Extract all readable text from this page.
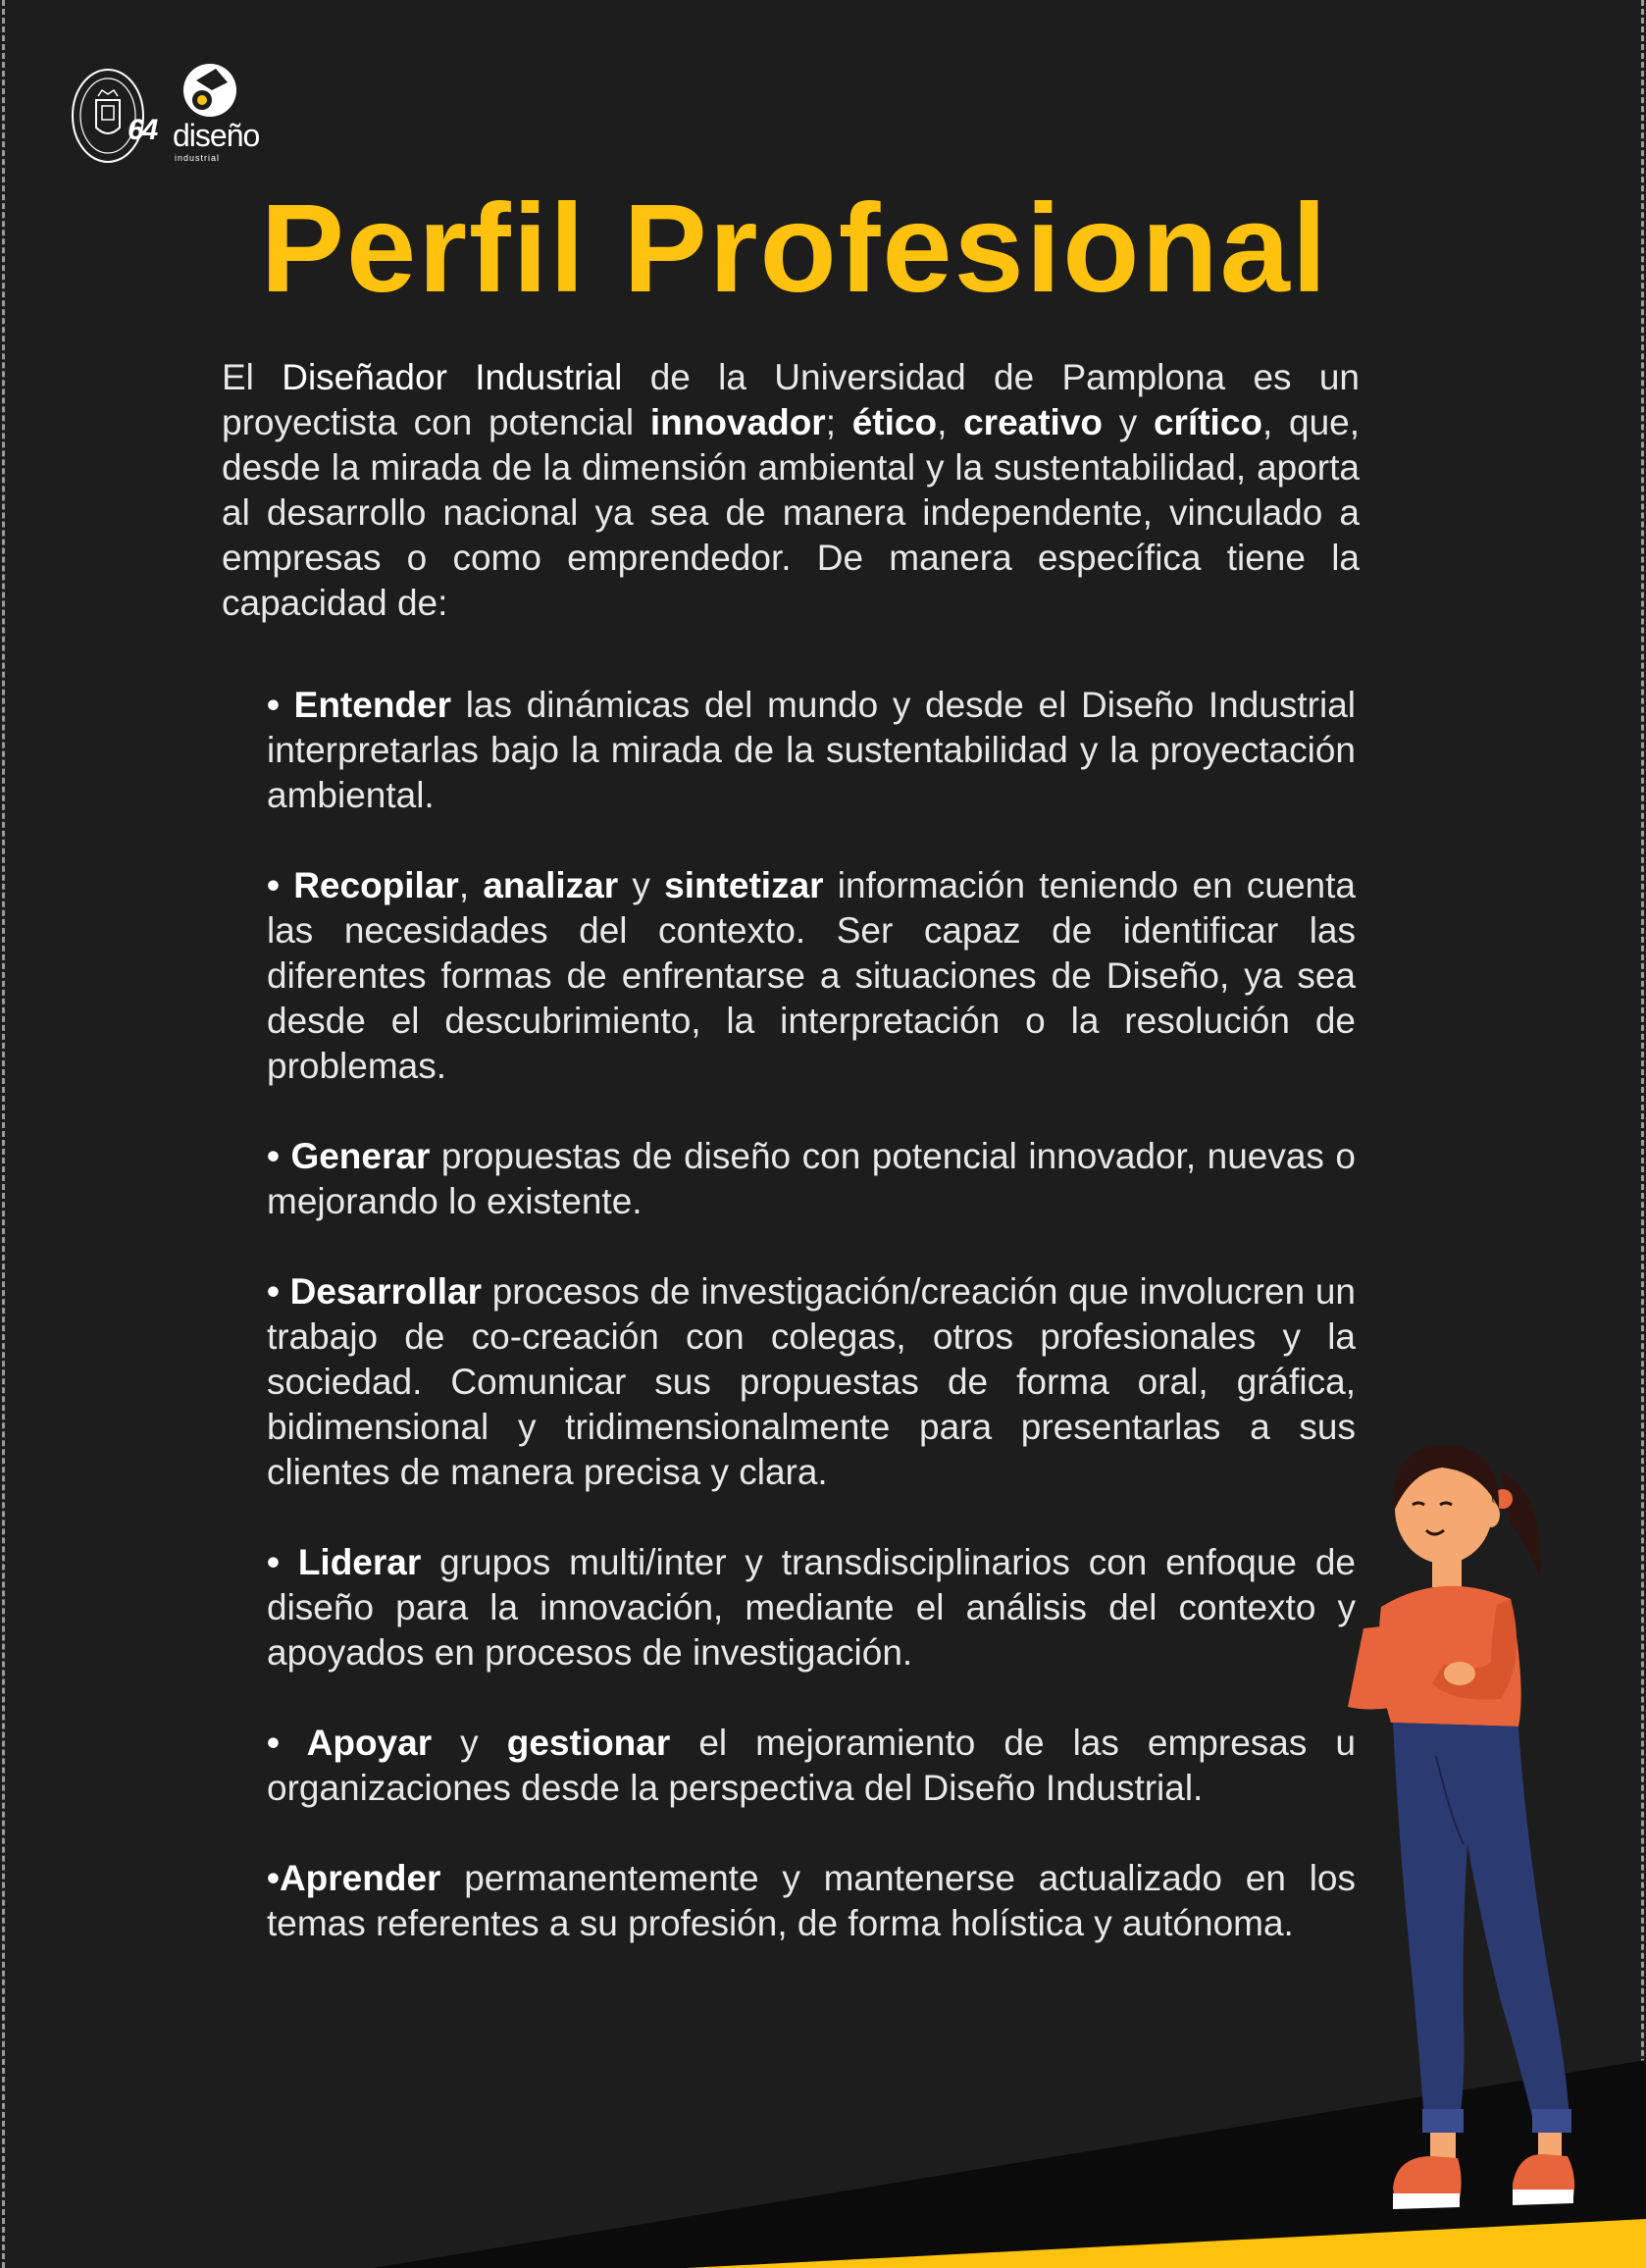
64 diseño
industrial
Perfil Profesional

El Diseñador Industrial de la Universidad de Pamplona es un proyectista con potencial innovador; ético, creativo y crítico, que, desde la mirada de la dimensión ambiental y la sustentabilidad, aporta al desarrollo nacional ya sea de manera independente, vinculado a empresas o como emprendedor. De manera específica tiene la capacidad de:

• Entender las dinámicas del mundo y desde el Diseño Industrial interpretarlas bajo la mirada de la sustentabilidad y la proyectación ambiental.
• Recopilar, analizar y sintetizar información teniendo en cuenta las necesidades del contexto. Ser capaz de identificar las diferentes formas de enfrentarse a situaciones de Diseño, ya sea desde el descubrimiento, la interpretación o la resolución de problemas.
• Generar propuestas de diseño con potencial innovador, nuevas o mejorando lo existente.
• Desarrollar procesos de investigación/creación que involucren un trabajo de co-creación con colegas, otros profesionales y la sociedad. Comunicar sus propuestas de forma oral, gráfica, bidimensional y tridimensionalmente para presentarlas a sus clientes de manera precisa y clara.
• Liderar grupos multi/inter y transdisciplinarios con enfoque de diseño para la innovación, mediante el análisis del contexto y apoyados en procesos de investigación.
• Apoyar y gestionar el mejoramiento de las empresas u organizaciones desde la perspectiva del Diseño Industrial.
•Aprender permanentemente y mantenerse actualizado en los temas referentes a su profesión, de forma holística y autónoma.
